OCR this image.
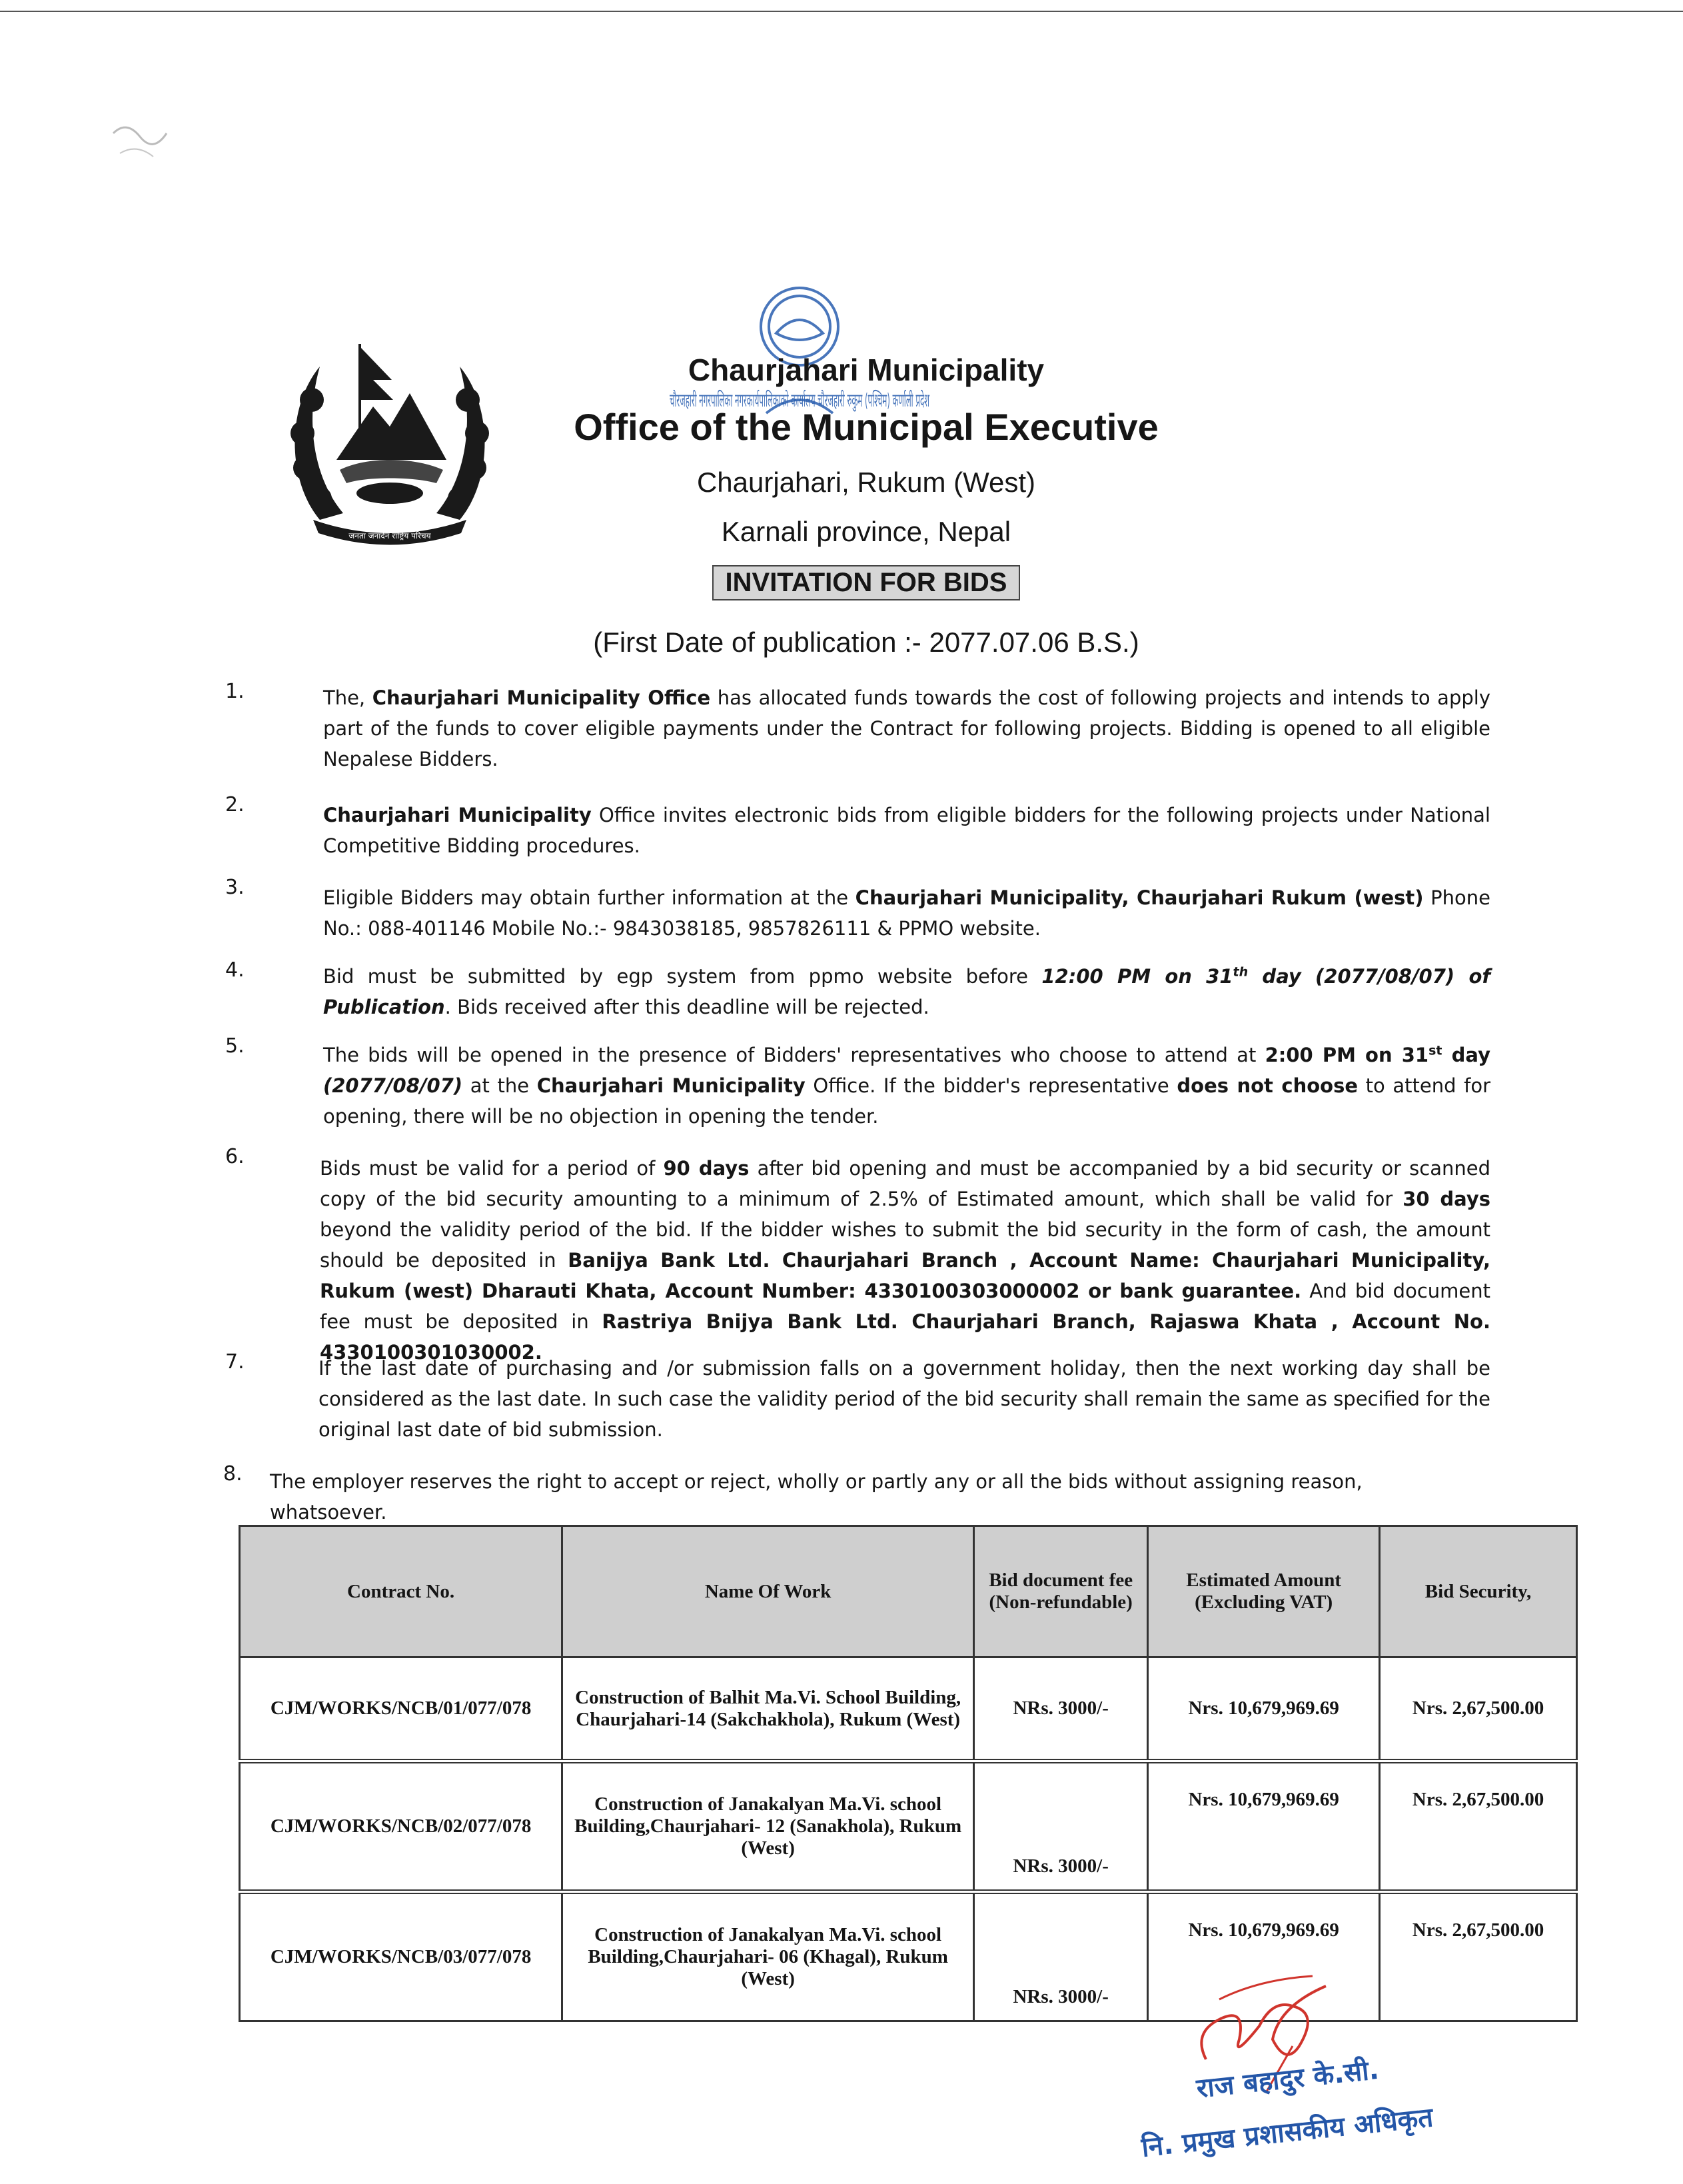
जनता जनार्दन राष्ट्रिय परिचय
चौरजहारी नगरपालिका नगरकार्यपालिकाको कार्यालय चौरजहारी रुकुम (पश्चिम) कर्णाली प्रदेश
Chaurjahari Municipality
Office of the Municipal Executive
Chaurjahari, Rukum (West)
Karnali province, Nepal
INVITATION FOR BIDS
(First Date of publication :- 2077.07.06 B.S.)
1.
2.
3.
4.
5.
6.
7.
8.
The, Chaurjahari Municipality Office has allocated funds towards the cost of following projects and intends to apply part of the funds to cover eligible payments under the Contract for following projects. Bidding is opened to all eligible Nepalese Bidders.
Chaurjahari Municipality Office invites electronic bids from eligible bidders for the following projects under National Competitive Bidding procedures.
Eligible Bidders may obtain further information at the Chaurjahari Municipality, Chaurjahari Rukum (west) Phone No.: 088-401146 Mobile No.:- 9843038185, 9857826111 & PPMO website.
Bid must be submitted by egp system from ppmo website before 12:00 PM on 31th day (2077/08/07) of Publication. Bids received after this deadline will be rejected.
The bids will be opened in the presence of Bidders' representatives who choose to attend at 2:00 PM on 31st day (2077/08/07) at the Chaurjahari Municipality Office. If the bidder's representative does not choose to attend for opening, there will be no objection in opening the tender.
Bids must be valid for a period of 90 days after bid opening and must be accompanied by a bid security or scanned copy of the bid security amounting to a minimum of 2.5% of Estimated amount, which shall be valid for 30 days beyond the validity period of the bid. If the bidder wishes to submit the bid security in the form of cash, the amount should be deposited in Banijya Bank Ltd. Chaurjahari Branch , Account Name: Chaurjahari Municipality, Rukum (west) Dharauti Khata, Account Number: 4330100303000002 or bank guarantee. And bid document fee must be deposited in Rastriya Bnijya Bank Ltd. Chaurjahari Branch, Rajaswa Khata , Account No. 4330100301030002.
If the last date of purchasing and /or submission falls on a government holiday, then the next working day shall be considered as the last date. In such case the validity period of the bid security shall remain the same as specified for the original last date of bid submission.
The employer reserves the right to accept or reject, wholly or partly any or all the bids without assigning reason, whatsoever.
Contract No.	Name Of Work	Bid document fee (Non-refundable)	Estimated Amount (Excluding VAT)	Bid Security,
CJM/WORKS/NCB/01/077/078	Construction of Balhit Ma.Vi. School Building, Chaurjahari-14 (Sakchakhola), Rukum (West)	NRs. 3000/-	Nrs. 10,679,969.69	Nrs. 2,67,500.00
CJM/WORKS/NCB/02/077/078	Construction of Janakalyan Ma.Vi. school Building,Chaurjahari- 12 (Sanakhola), Rukum (West)	NRs. 3000/-	Nrs. 10,679,969.69	Nrs. 2,67,500.00
CJM/WORKS/NCB/03/077/078	Construction of Janakalyan Ma.Vi. school Building,Chaurjahari- 06 (Khagal), Rukum (West)	NRs. 3000/-	Nrs. 10,679,969.69	Nrs. 2,67,500.00
राज बहादुर के.सी.
नि. प्रमुख प्रशासकीय अधिकृत
